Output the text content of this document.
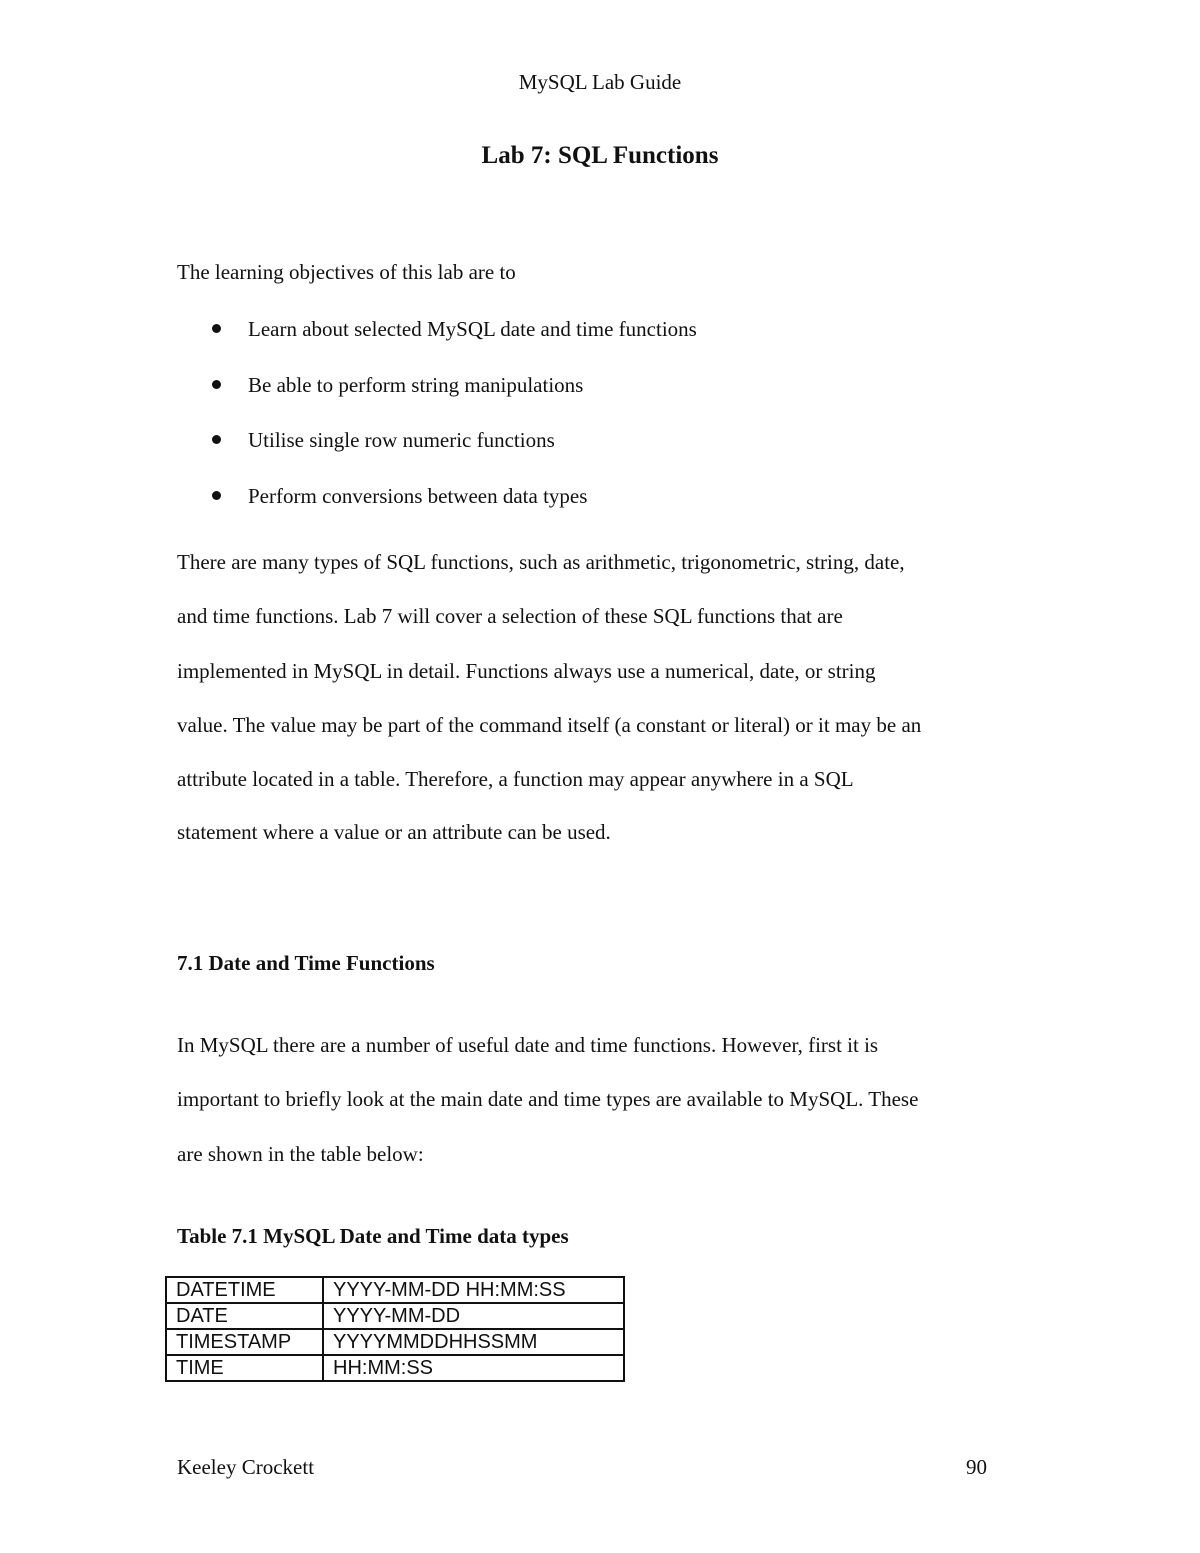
MySQL Lab Guide
Lab 7: SQL Functions
The learning objectives of this lab are to
Learn about selected MySQL date and time functions
Be able to perform string manipulations
Utilise single row numeric functions
Perform conversions between data types
There are many types of SQL functions, such as arithmetic, trigonometric, string, date,
and time functions. Lab 7 will cover a selection of these SQL functions that are
implemented in MySQL in detail. Functions always use a numerical, date, or string
value. The value may be part of the command itself (a constant or literal) or it may be an
attribute located in a table. Therefore, a function may appear anywhere in a SQL
statement where a value or an attribute can be used.
7.1 Date and Time Functions
In MySQL there are a number of useful date and time functions. However, first it is
important to briefly look at the main date and time types are available to MySQL. These
are shown in the table below:
Table 7.1 MySQL Date and Time data types
DATETIME	YYYY-MM-DD HH:MM:SS
DATE	YYYY-MM-DD
TIMESTAMP	YYYYMMDDHHSSMM
TIME	HH:MM:SS
Keeley Crockett	90
